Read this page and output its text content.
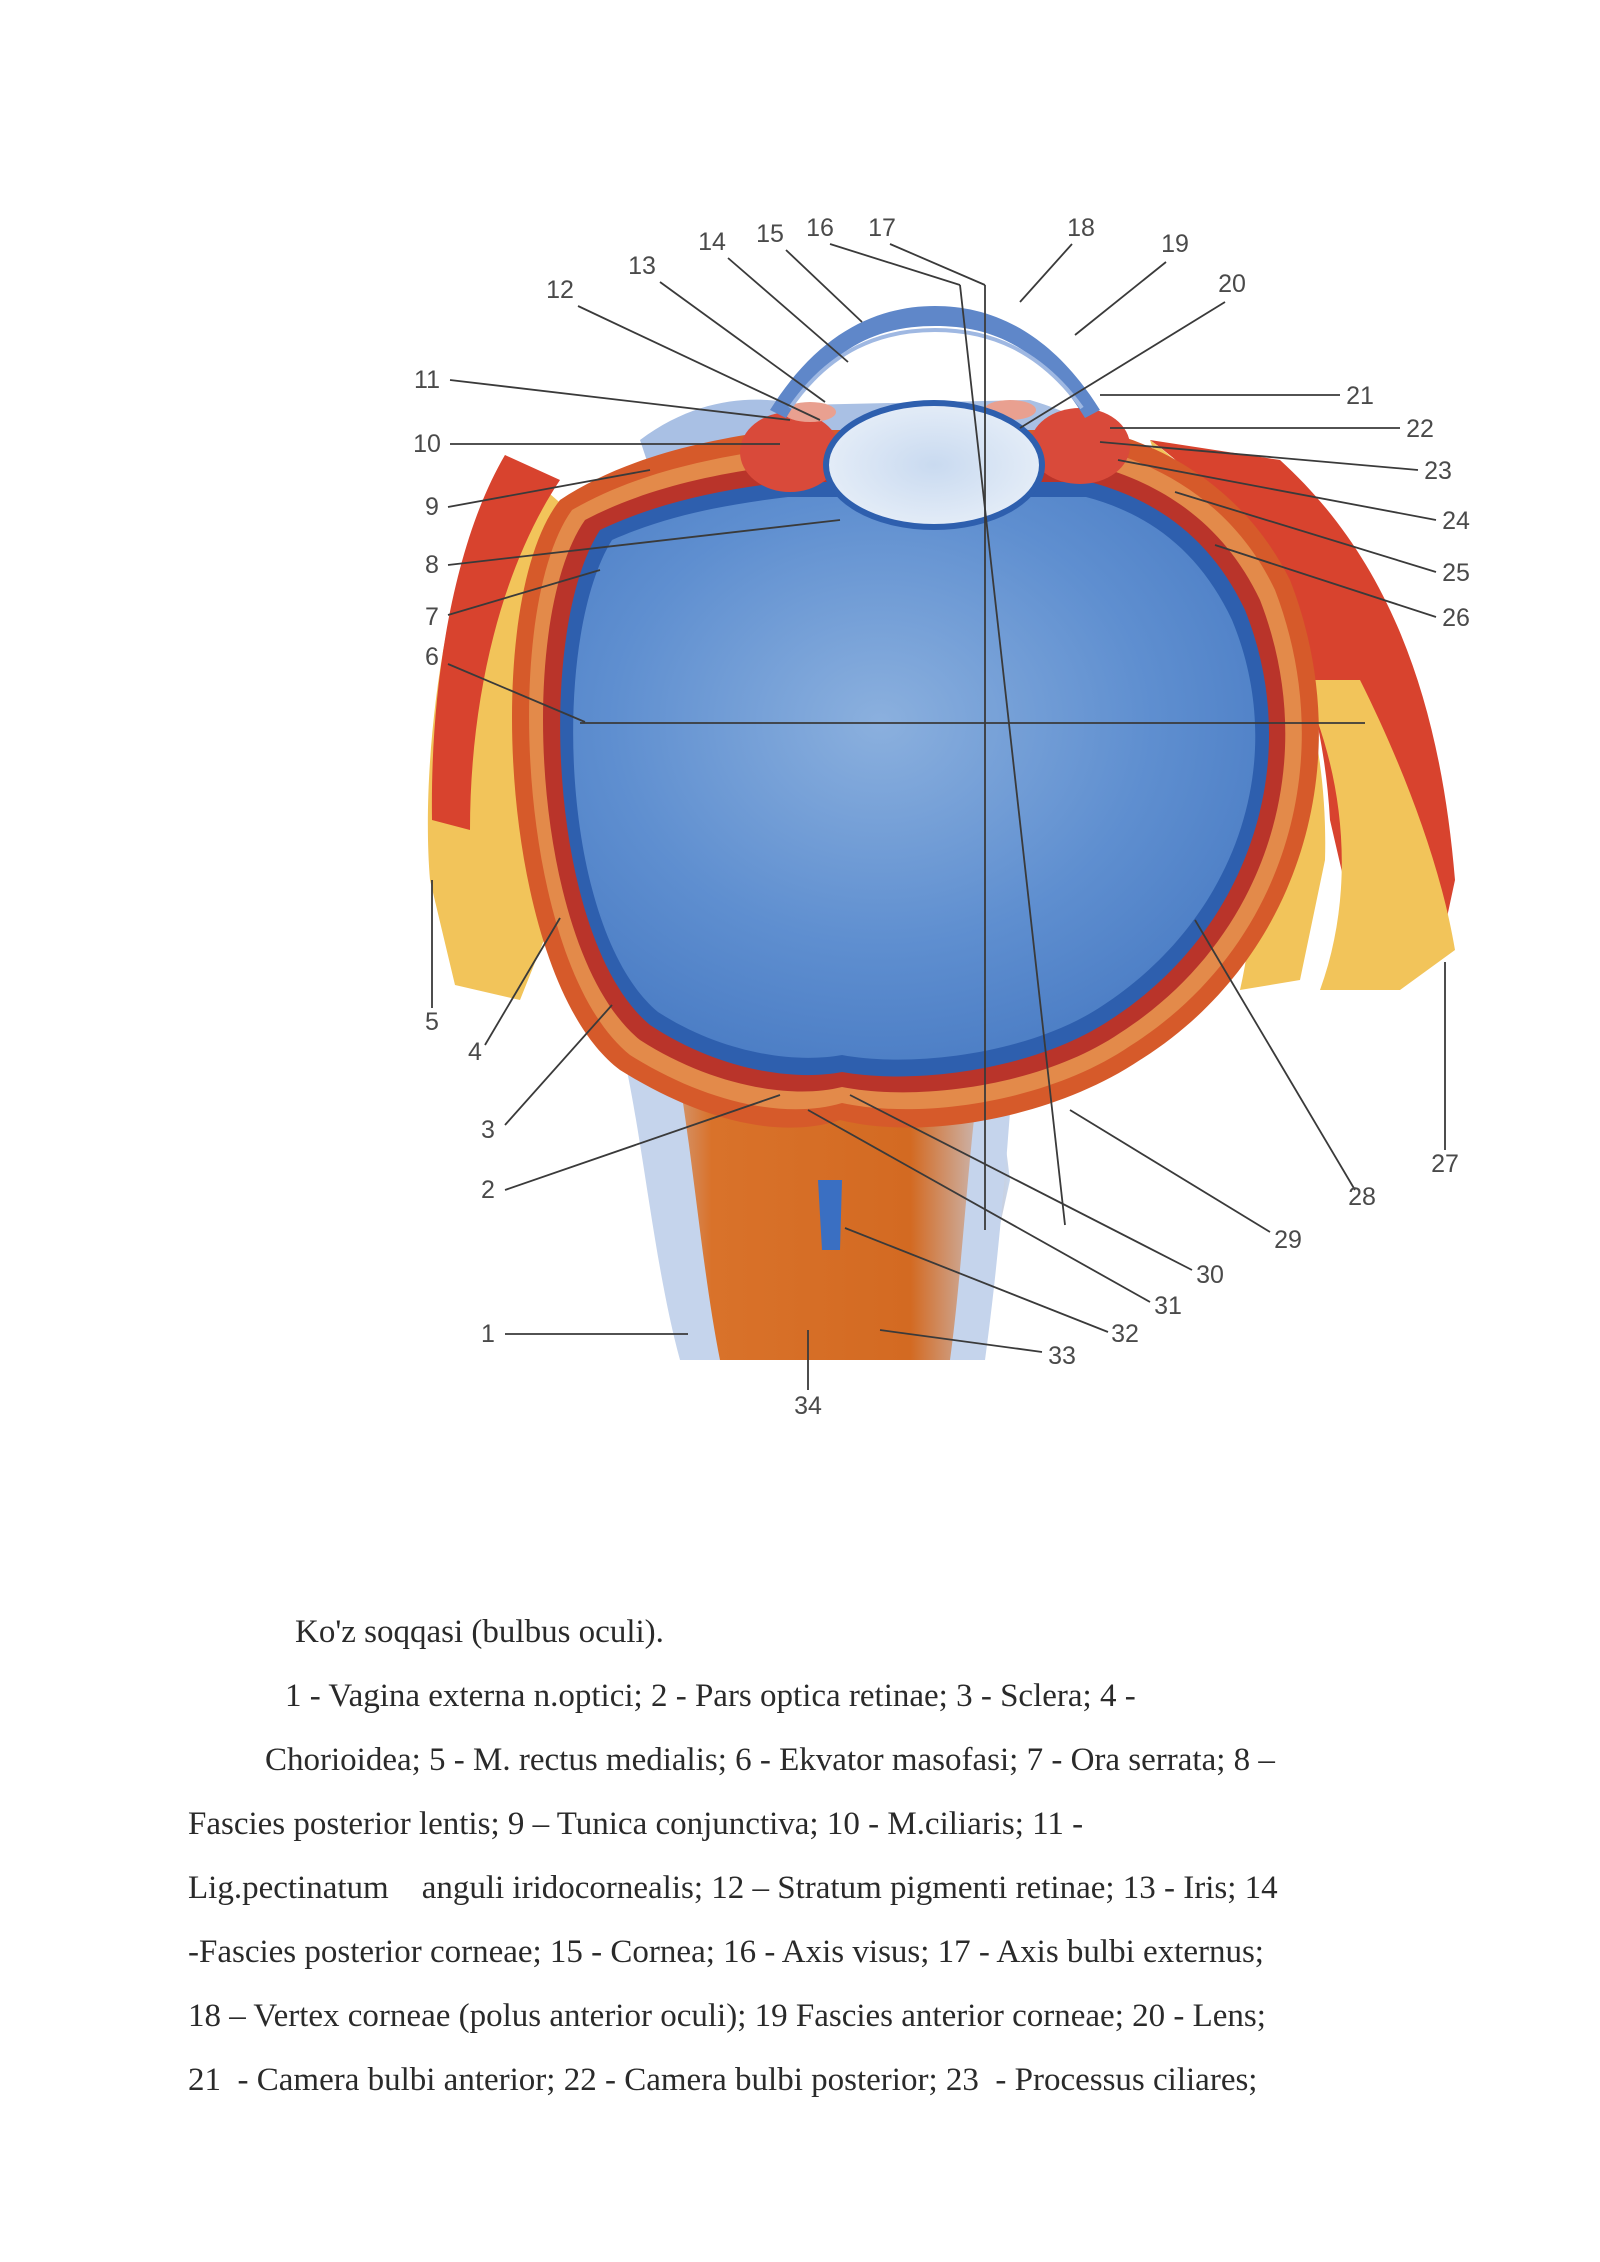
1
2
3
4
5
6
7
8
9
10
11
12
13
14 15 16 17	18
19
20
21
22
23
24
25
26
27
28
29
30
31
32
33
34
Ko'z soqqasi (bulbus oculi).
1 - Vagina externa n.optici; 2 - Pars optica retinae; 3 - Sclera; 4 -
Chorioidea; 5 - M. rectus medialis; 6 - Ekvator masofasi; 7 - Ora serrata; 8 –
Fascies posterior lentis; 9 – Tunica conjunctiva; 10 - M.ciliaris; 11 -
Lig.pectinatum    anguli iridocornealis; 12 – Stratum pigmenti retinae; 13 - Iris; 14
-Fascies posterior corneae; 15 - Cornea; 16 - Axis visus; 17 - Axis bulbi externus;
18 – Vertex corneae (polus anterior oculi); 19 Fascies anterior corneae; 20 - Lens;
21  - Camera bulbi anterior; 22 - Camera bulbi posterior; 23  - Processus ciliares;
